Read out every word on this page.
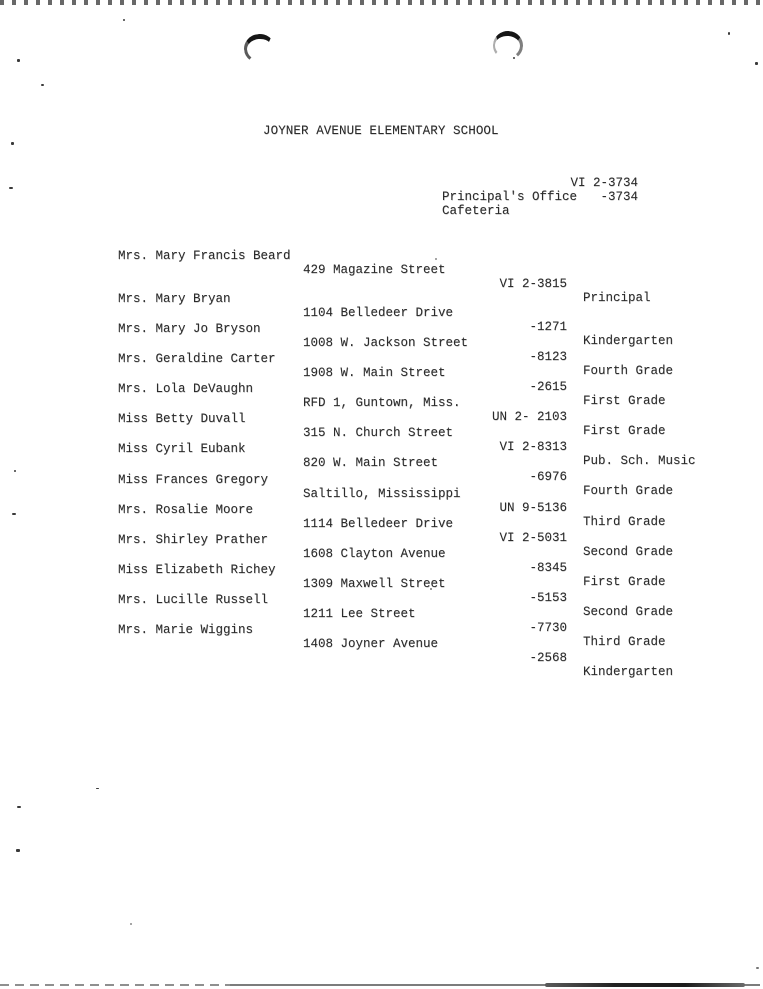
JOYNER AVENUE ELEMENTARY SCHOOL

Principal's Office

VI 2-3734

Cafeteria

-3734

Mrs. Mary Francis Beard

429 Magazine Street

VI 2-3815

Principal

Mrs. Mary Bryan

1104 Belledeer Drive

-1271

Kindergarten

Mrs. Mary Jo Bryson

1008 W. Jackson Street

-8123

Fourth Grade

Mrs. Geraldine Carter

1908 W. Main Street

-2615

First Grade

Mrs. Lola DeVaughn

RFD 1, Guntown, Miss.

UN 2- 2103

First Grade

Miss Betty Duvall

315 N. Church Street

VI 2-8313

Pub. Sch. Music

Miss Cyril Eubank

820 W. Main Street

-6976

Fourth Grade

Miss Frances Gregory

Saltillo, Mississippi

UN 9-5136

Third Grade

Mrs. Rosalie Moore

1114 Belledeer Drive

VI 2-5031

Second Grade

Mrs. Shirley Prather

1608 Clayton Avenue

-8345

First Grade

Miss Elizabeth Richey

1309 Maxwell Street

-5153

Second Grade

Mrs. Lucille Russell

1211 Lee Street

-7730

Third Grade

Mrs. Marie Wiggins

1408 Joyner Avenue

-2568

Kindergarten
